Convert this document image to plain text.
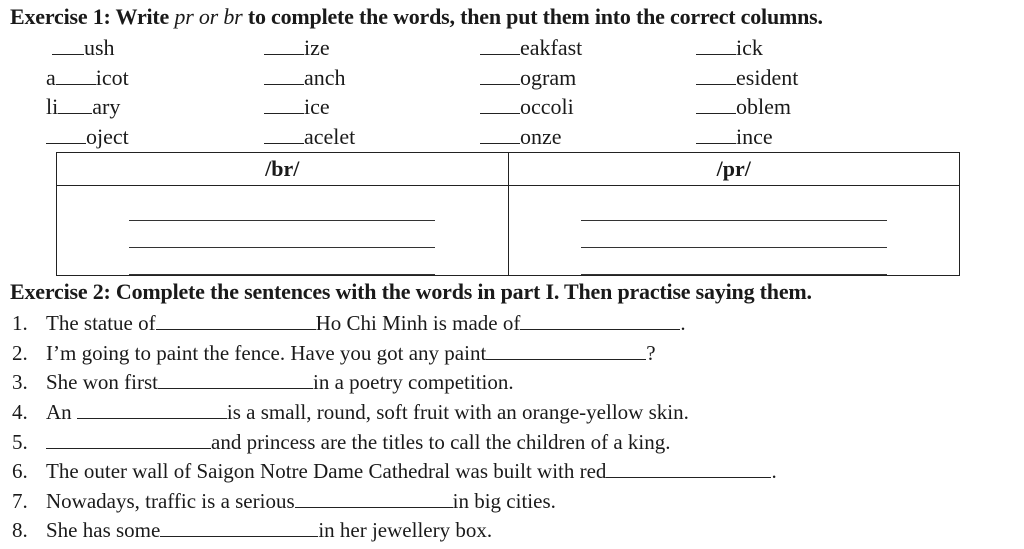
Exercise 1: Write pr or br to complete the words, then put them into the correct columns.
ush	ize	eakfast	ick
a icot	anch	ogram	esident
li ary	ice	occoli	oblem
oject	acelet	onze	ince
/br/	/pr/

Exercise 2: Complete the sentences with the words in part I. Then practise saying them.
1. The statue of	Ho Chi Minh is made of	.
2. I’m going to paint the fence. Have you got any paint	?
3. She won first	in a poetry competition.
4. An	is a small, round, soft fruit with an orange-yellow skin.
5.	and princess are the titles to call the children of a king.
6. The outer wall of Saigon Notre Dame Cathedral was built with red	.
7. Nowadays, traffic is a serious	in big cities.
8. She has some	in her jewellery box.
